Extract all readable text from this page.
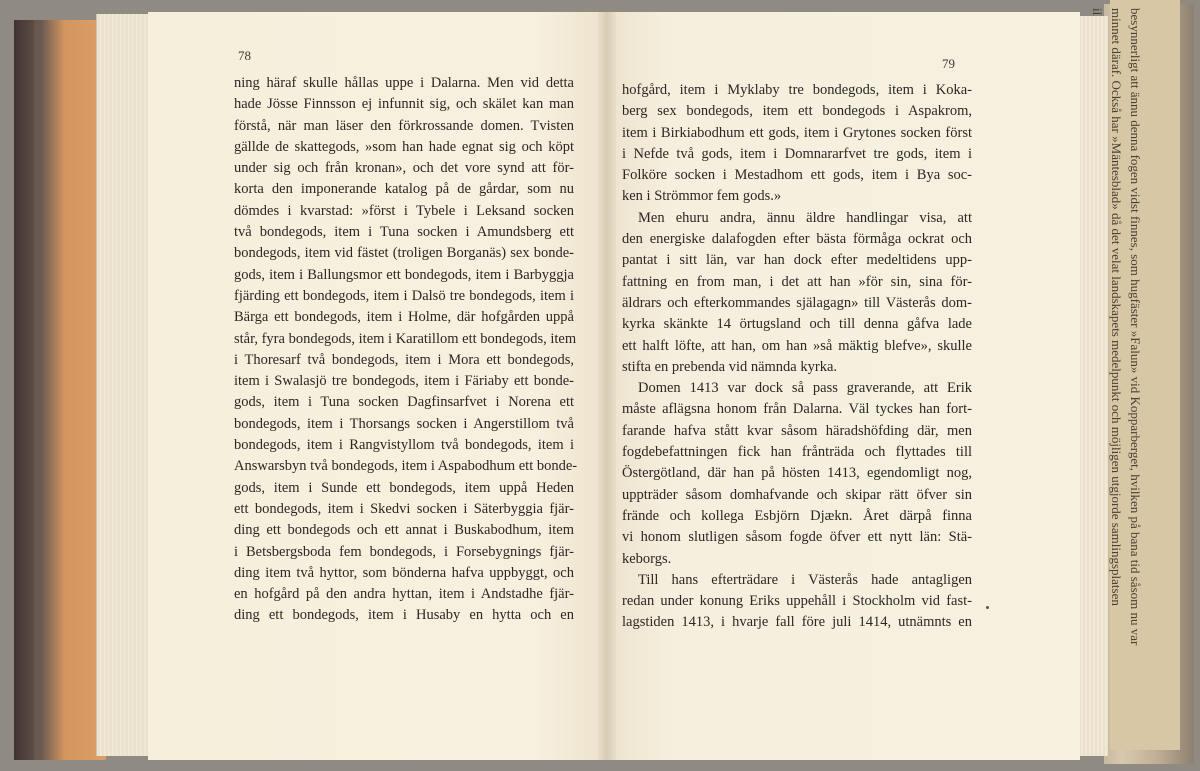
besynnerligt att ännu denna fogen vidst finnes, som hugfäster »Falun» vid Kopparberget, hvilken på bana tid såsom nu var
minnet däraf. Också har »Mäntesblad» då det velat landskapets medelpunkt och möjligen utgjorde samlingsplatsen
78
79
ning häraf skulle hållas uppe i Dalarna. Men vid detta
hade Jösse Finnsson ej infunnit sig, och skälet kan man
förstå, när man läser den förkrossande domen. Tvisten
gällde de skattegods, »som han hade egnat sig och köpt
under sig och från kronan», och det vore synd att för-
korta den imponerande katalog på de gårdar, som nu
dömdes i kvarstad: »först i Tybele i Leksand socken
två bondegods, item i Tuna socken i Amundsberg ett
bondegods, item vid fästet (troligen Borganäs) sex bonde-
gods, item i Ballungsmor ett bondegods, item i Barbyggja
fjärding ett bondegods, item i Dalsö tre bondegods, item i
Bärga ett bondegods, item i Holme, där hofgården uppå
står, fyra bondegods, item i Karatillom ett bondegods, item
i Thoresarf två bondegods, item i Mora ett bondegods,
item i Swalasjö tre bondegods, item i Färiaby ett bonde-
gods, item i Tuna socken Dagfinsarfvet i Norena ett
bondegods, item i Thorsangs socken i Angerstillom två
bondegods, item i Rangvistyllom två bondegods, item i
Answarsbyn två bondegods, item i Aspabodhum ett bonde-
gods, item i Sunde ett bondegods, item uppå Heden
ett bondegods, item i Skedvi socken i Säterbyggia fjär-
ding ett bondegods och ett annat i Buskabodhum, item
i Betsbergsboda fem bondegods, i Forsebygnings fjär-
ding item två hyttor, som bönderna hafva uppbyggt, och
en hofgård på den andra hyttan, item i Andstadhe fjär-
ding ett bondegods, item i Husaby en hytta och en
hofgård, item i Myklaby tre bondegods, item i Koka-
berg sex bondegods, item ett bondegods i Aspakrom,
item i Birkiabodhum ett gods, item i Grytones socken först
i Nefde två gods, item i Domnararfvet tre gods, item i
Folköre socken i Mestadhom ett gods, item i Bya soc-
ken i Strömmor fem gods.»
Men ehuru andra, ännu äldre handlingar visa, att
den energiske dalafogden efter bästa förmåga ockrat och
pantat i sitt län, var han dock efter medeltidens upp-
fattning en from man, i det att han »för sin, sina för-
äldrars och efterkommandes själagagn» till Västerås dom-
kyrka skänkte 14 örtugsland och till denna gåfva lade
ett halft löfte, att han, om han »så mäktig blefve», skulle
stifta en prebenda vid nämnda kyrka.
Domen 1413 var dock så pass graverande, att Erik
måste aflägsna honom från Dalarna. Väl tyckes han fort-
farande hafva stått kvar såsom häradshöfding där, men
fogdebefattningen fick han frånträda och flyttades till
Östergötland, där han på hösten 1413, egendomligt nog,
uppträder såsom domhafvande och skipar rätt öfver sin
frände och kollega Esbjörn Djækn. Året därpå finna
vi honom slutligen såsom fogde öfver ett nytt län: Stä-
keborgs.
Till hans efterträdare i Västerås hade antagligen
redan under konung Eriks uppehåll i Stockholm vid fast-
lagstiden 1413, i hvarje fall före juli 1414, utnämnts en
